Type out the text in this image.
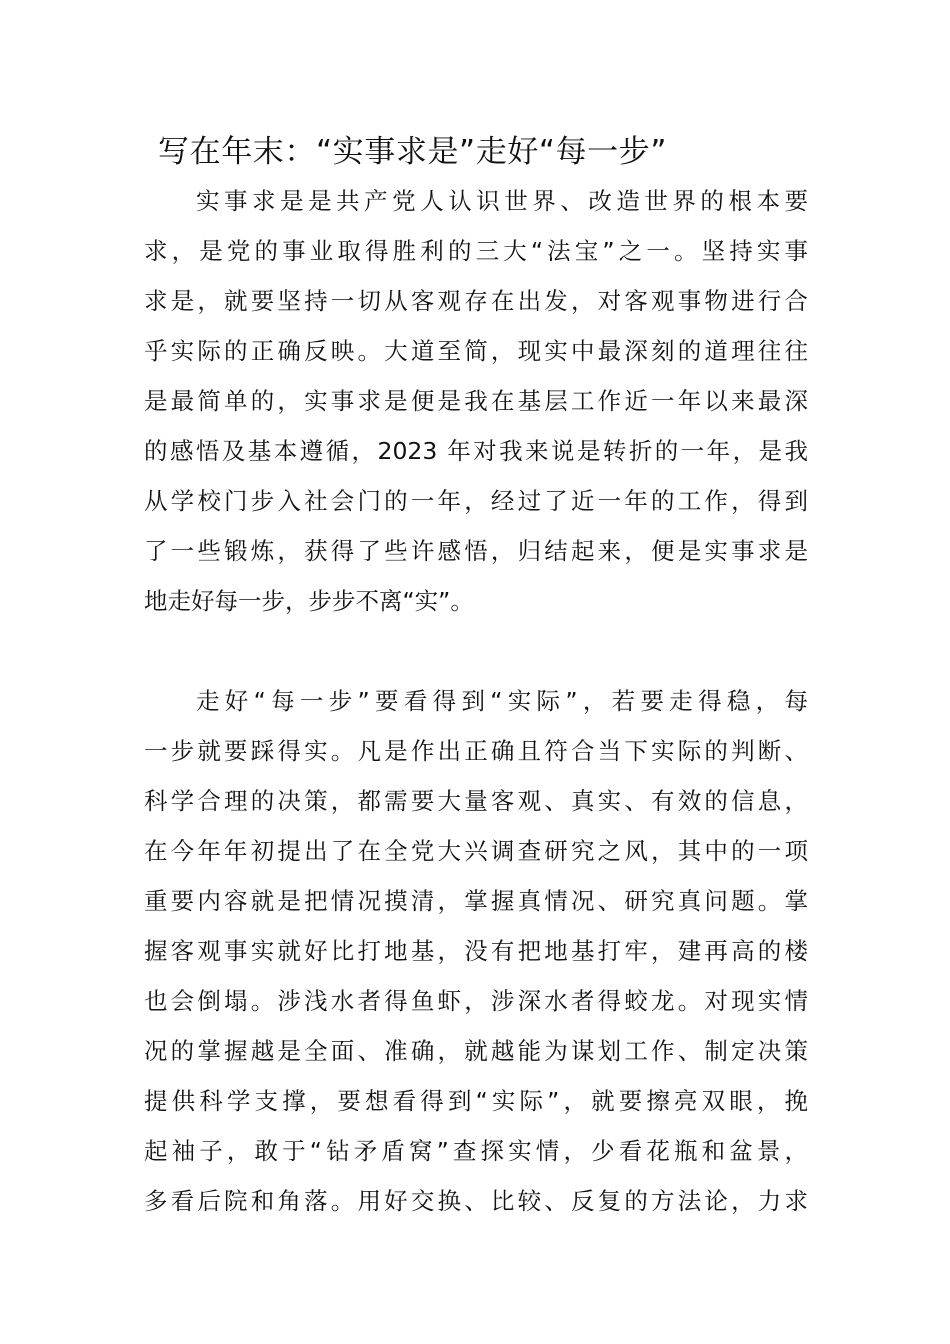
写在年末：“实事求是”走好“每一步”
实事求是是共产党人认识世界、改造世界的根本要
求，是党的事业取得胜利的三大“法宝”之一。坚持实事
求是，就要坚持一切从客观存在出发，对客观事物进行合
乎实际的正确反映。大道至简，现实中最深刻的道理往往
是最简单的，实事求是便是我在基层工作近一年以来最深
的感悟及基本遵循，2023 年对我来说是转折的一年，是我
从学校门步入社会门的一年，经过了近一年的工作，得到
了一些锻炼，获得了些许感悟，归结起来，便是实事求是
地走好每一步，步步不离“实”。
走好“每一步”要看得到“实际”，若要走得稳，每
一步就要踩得实。凡是作出正确且符合当下实际的判断、
科学合理的决策，都需要大量客观、真实、有效的信息，
在今年年初提出了在全党大兴调查研究之风，其中的一项
重要内容就是把情况摸清，掌握真情况、研究真问题。掌
握客观事实就好比打地基，没有把地基打牢，建再高的楼
也会倒塌。涉浅水者得鱼虾，涉深水者得蛟龙。对现实情
况的掌握越是全面、准确，就越能为谋划工作、制定决策
提供科学支撑，要想看得到“实际”，就要擦亮双眼，挽
起袖子，敢于“钻矛盾窝”查探实情，少看花瓶和盆景，
多看后院和角落。用好交换、比较、反复的方法论，力求
